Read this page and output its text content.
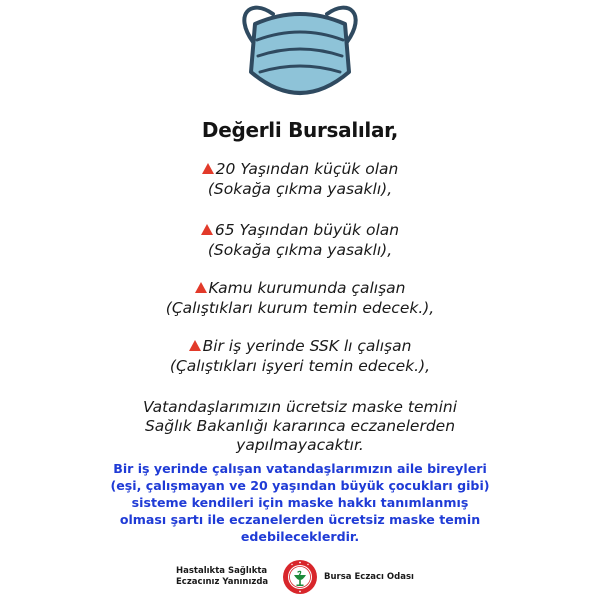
Değerli Bursalılar,
20 Yaşından küçük olan
(Sokağa çıkma yasaklı),
65 Yaşından büyük olan
(Sokağa çıkma yasaklı),
Kamu kurumunda çalışan
(Çalıştıkları kurum temin edecek.),
Bir iş yerinde SSK lı çalışan
(Çalıştıkları işyeri temin edecek.),
Vatandaşlarımızın ücretsiz maske temini
Sağlık Bakanlığı kararınca eczanelerden
yapılmayacaktır.
Bir iş yerinde çalışan vatandaşlarımızın aile bireyleri
(eşi, çalışmayan ve 20 yaşından büyük çocukları gibi)
sisteme kendileri için maske hakkı tanımlanmış
olması şartı ile eczanelerden ücretsiz maske temin
edebileceklerdir.
Hastalıkta Sağlıkta
Eczacınız Yanınızda	Bursa Eczacı Odası
